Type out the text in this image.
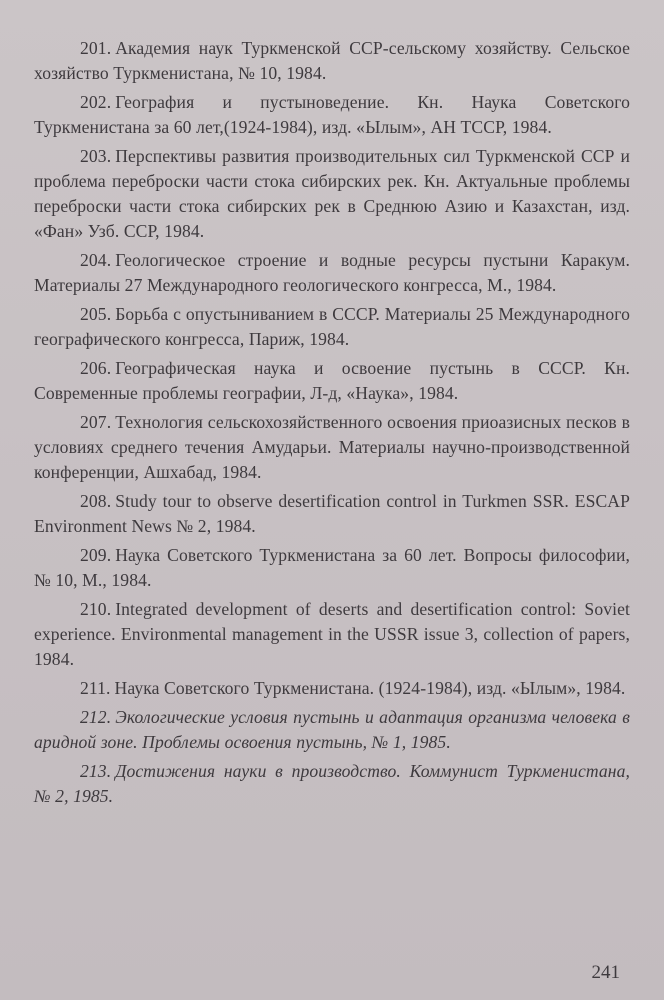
201. Академия наук Туркменской ССР-сельскому хозяйству. Сельское хозяйство Туркменистана, № 10, 1984.

202. География и пустыноведение. Кн. Наука Советского Туркменистана за 60 лет,(1924-1984), изд. «Ылым», АН ТССР, 1984.

203. Перспективы развития производительных сил Туркменской ССР и проблема переброски части стока сибирских рек. Кн. Актуальные проблемы переброски части стока сибирских рек в Среднюю Азию и Казахстан, изд. «Фан» Узб. ССР, 1984.

204. Геологическое строение и водные ресурсы пустыни Каракум. Материалы 27 Международного геологического конгресса, М., 1984.

205. Борьба с опустыниванием в СССР. Материалы 25 Международного географического конгресса, Париж, 1984.

206. Географическая наука и освоение пустынь в СССР. Кн. Современные проблемы географии, Л-д, «Наука», 1984.

207. Технология сельскохозяйственного освоения приоазисных песков в условиях среднего течения Амударьи. Материалы научно-производственной конференции, Ашхабад, 1984.

208. Study tour to observe desertification control in Turkmen SSR. ESCAP Environment News № 2, 1984.

209. Наука Советского Туркменистана за 60 лет. Вопросы философии, № 10, М., 1984.

210. Integrated development of deserts and desertification control: Soviet experience. Environmental management in the USSR issue 3, collection of papers, 1984.

211. Наука Советского Туркменистана. (1924-1984), изд. «Ылым», 1984.

212. Экологические условия пустынь и адаптация организма человека в аридной зоне. Проблемы освоения пустынь, № 1, 1985.

213. Достижения науки в производство. Коммунист Туркменистана, № 2, 1985.

241
